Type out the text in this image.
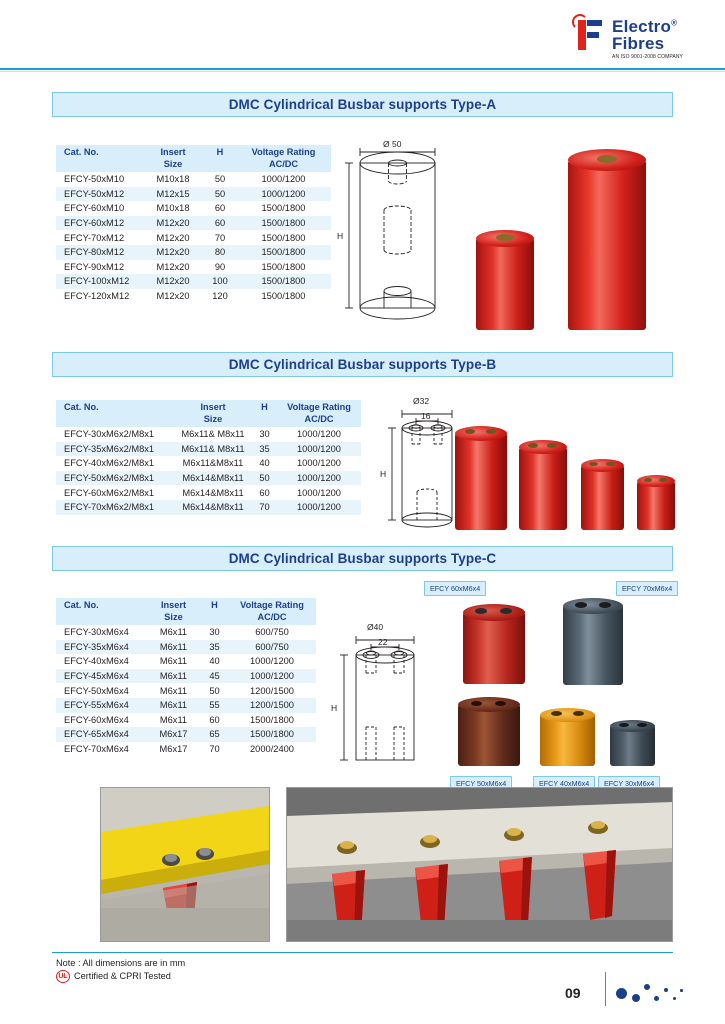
Electro®
Fibres
AN ISO 9001-2008 COMPANY
DMC Cylindrical Busbar supports Type-A
Cat. No.	Insert	H	Voltage Rating
	Size		AC/DC
EFCY-50xM10	M10x18	50	1000/1200
EFCY-50xM12	M12x15	50	1000/1200
EFCY-60xM10	M10x18	60	1500/1800
EFCY-60xM12	M12x20	60	1500/1800
EFCY-70xM12	M12x20	70	1500/1800
EFCY-80xM12	M12x20	80	1500/1800
EFCY-90xM12	M12x20	90	1500/1800
EFCY-100xM12	M12x20	100	1500/1800
EFCY-120xM12	M12x20	120	1500/1800
Ø 50
H
DMC Cylindrical Busbar supports Type-B
Cat. No.	Insert	H	Voltage Rating
	Size		AC/DC
EFCY-30xM6x2/M8x1	M6x11& M8x11	30	1000/1200
EFCY-35xM6x2/M8x1	M6x11& M8x11	35	1000/1200
EFCY-40xM6x2/M8x1	M6x11&M8x11	40	1000/1200
EFCY-50xM6x2/M8x1	M6x14&M8x11	50	1000/1200
EFCY-60xM6x2/M8x1	M6x14&M8x11	60	1000/1200
EFCY-70xM6x2/M8x1	M6x14&M8x11	70	1000/1200
Ø32
16
H
DMC Cylindrical Busbar supports Type-C
Cat. No.	Insert	H	Voltage Rating
	Size		AC/DC
EFCY-30xM6x4	M6x11	30	600/750
EFCY-35xM6x4	M6x11	35	600/750
EFCY-40xM6x4	M6x11	40	1000/1200
EFCY-45xM6x4	M6x11	45	1000/1200
EFCY-50xM6x4	M6x11	50	1200/1500
EFCY-55xM6x4	M6x11	55	1200/1500
EFCY-60xM6x4	M6x11	60	1500/1800
EFCY-65xM6x4	M6x17	65	1500/1800
EFCY-70xM6x4	M6x17	70	2000/2400
Ø40
22
H
EFCY 60xM6x4	EFCY 70xM6x4
EFCY 50xM6x4	EFCY 40xM6x4	EFCY 30xM6x4
Note : All dimensions are in mm
UL Certified & CPRI Tested
09
